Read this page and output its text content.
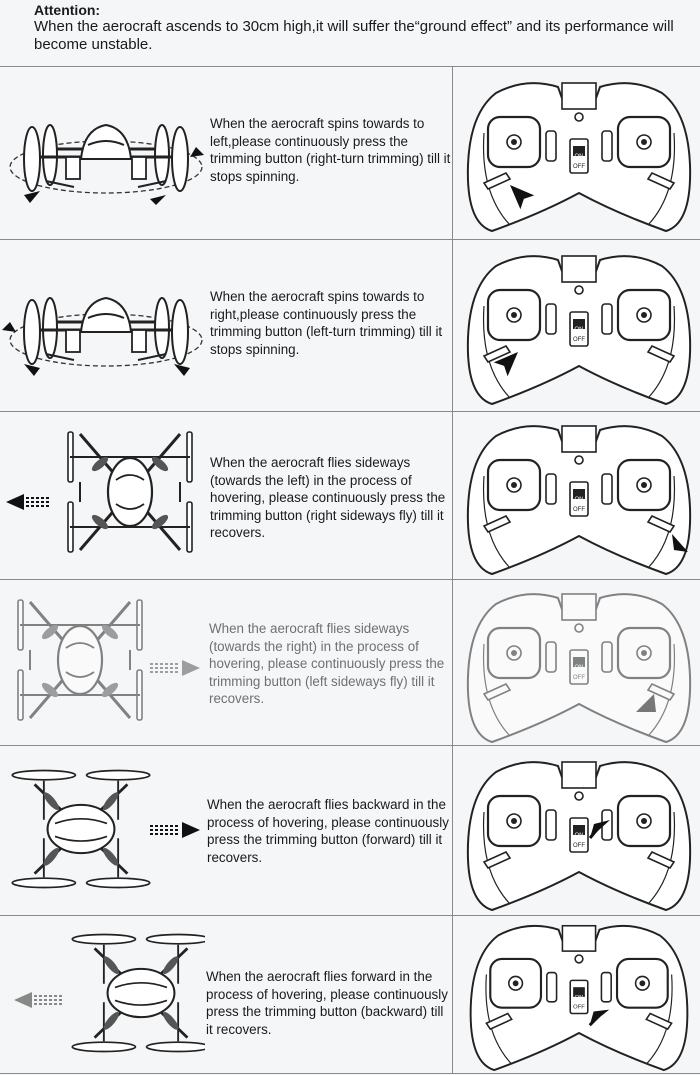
Attention:
When the aerocraft ascends to 30cm high,it will suffer the“ground effect” and its performance will become unstable.
When the aerocraft spins towards to left,please continuously press the trimming button (right-turn trimming) till it stops spinning.
ON
OFF
When the aerocraft spins towards to right,please continuously press the trimming button (left-turn trimming) till it stops spinning.
ON
OFF
When the aerocraft flies sideways (towards the left) in the process of hovering, please continuously press the trimming button (right sideways fly) till it recovers.
ON
OFF
When the aerocraft flies sideways (towards the right) in the process of hovering, please continuously press the trimming button (left sideways fly) till it recovers.
ON
OFF
When the aerocraft flies backward in the process of hovering, please continuously press the trimming button (forward) till it recovers.
ON
OFF
When the aerocraft flies forward in the process of hovering, please continuously press the trimming button (backward) till it recovers.
ON
OFF
